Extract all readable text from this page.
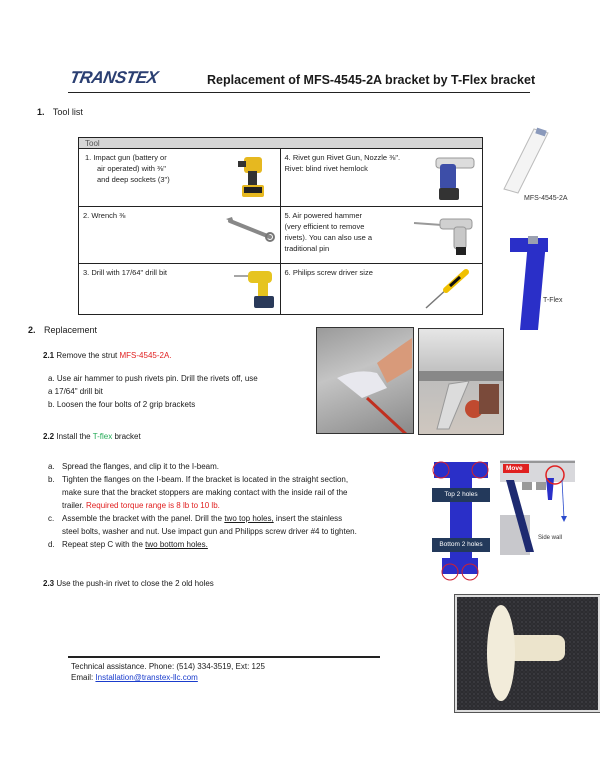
TRANSTEX	Replacement of MFS-4545-2A bracket by T-Flex bracket
1. Tool list
Tool
1. Impact gun (battery or
air operated) with ⅜"
and deep sockets (3")
4. Rivet gun Rivet Gun, Nozzle ⅜".
Rivet: blind rivet hemlock
2. Wrench ⅜	5. Air powered hammer
(very efficient to remove
rivets). You can also use a
traditional pin
3. Drill with 17/64" drill bit	6. Philips screw driver size
MFS-4545-2A
T-Flex
2. Replacement
2.1 Remove the strut MFS-4545-2A.
a. Use air hammer to push rivets pin. Drill the rivets off, use
a 17/64" drill bit
b. Loosen the four bolts of 2 grip brackets
2.2 Install the T-flex bracket
a. Spread the flanges, and clip it to the I-beam.
b. Tighten the flanges on the I-beam. If the bracket is located in the straight section,
make sure that the bracket stoppers are making contact with the inside rail of the
trailer. Required torque range is 8 lb to 10 lb.
c. Assemble the bracket with the panel. Drill the two top holes, insert the stainless
steel bolts, washer and nut. Use impact gun and Philipps screw driver #4 to tighten.
d. Repeat step C with the two bottom holes.
Top 2 holes
Bottom 2 holes
Move
Side wall
2.3 Use the push-in rivet to close the 2 old holes
Technical assistance. Phone: (514) 334-3519, Ext: 125
Email: Installation@transtex-llc.com
